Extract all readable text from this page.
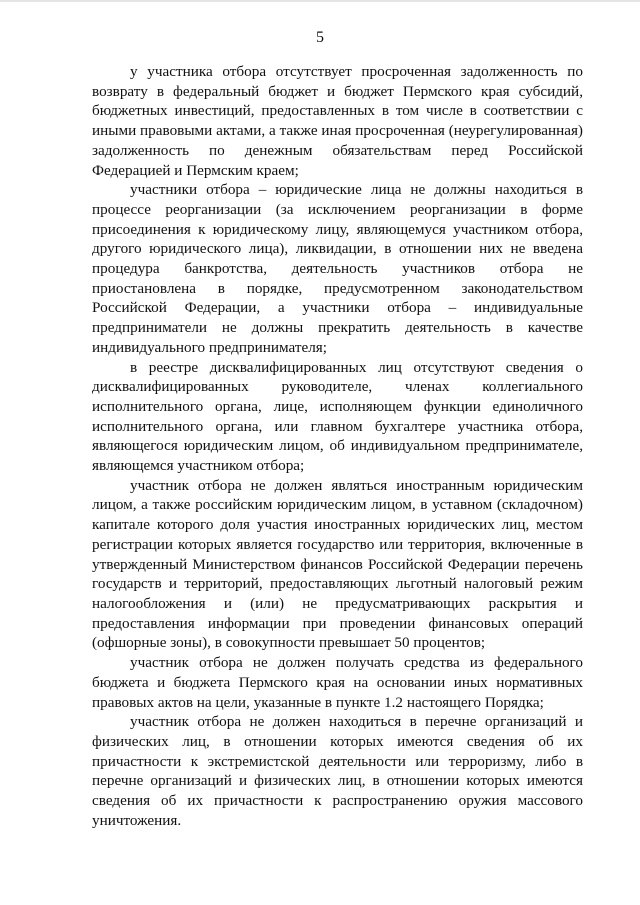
5

у участника отбора отсутствует просроченная задолженность по возврату в федеральный бюджет и бюджет Пермского края субсидий, бюджетных инвестиций, предоставленных в том числе в соответствии с иными правовыми актами, а также иная просроченная (неурегулированная) задолженность по денежным обязательствам перед Российской Федерацией и Пермским краем;

участники отбора – юридические лица не должны находиться в процессе реорганизации (за исключением реорганизации в форме присоединения к юридическому лицу, являющемуся участником отбора, другого юридического лица), ликвидации, в отношении них не введена процедура банкротства, деятельность участников отбора не приостановлена в порядке, предусмотренном законодательством Российской Федерации, а участники отбора – индивидуальные предприниматели не должны прекратить деятельность в качестве индивидуального предпринимателя;

в реестре дисквалифицированных лиц отсутствуют сведения о дисквалифицированных руководителе, членах коллегиального исполнительного органа, лице, исполняющем функции единоличного исполнительного органа, или главном бухгалтере участника отбора, являющегося юридическим лицом, об индивидуальном предпринимателе, являющемся участником отбора;

участник отбора не должен являться иностранным юридическим лицом, а также российским юридическим лицом, в уставном (складочном) капитале которого доля участия иностранных юридических лиц, местом регистрации которых является государство или территория, включенные в утвержденный Министерством финансов Российской Федерации перечень государств и территорий, предоставляющих льготный налоговый режим налогообложения и (или) не предусматривающих раскрытия и предоставления информации при проведении финансовых операций (офшорные зоны), в совокупности превышает 50 процентов;

участник отбора не должен получать средства из федерального бюджета и бюджета Пермского края на основании иных нормативных правовых актов на цели, указанные в пункте 1.2 настоящего Порядка;

участник отбора не должен находиться в перечне организаций и физических лиц, в отношении которых имеются сведения об их причастности к экстремистской деятельности или терроризму, либо в перечне организаций и физических лиц, в отношении которых имеются сведения об их причастности к распространению оружия массового уничтожения.
